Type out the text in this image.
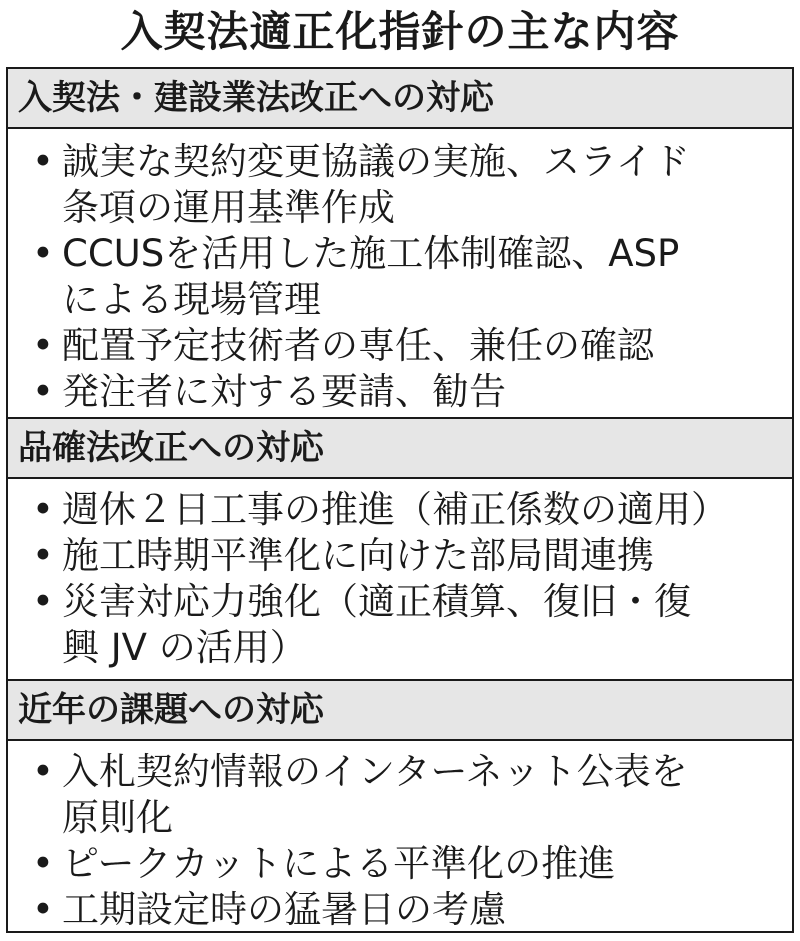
入契法適正化指針の主な内容
入契法・建設業法改正への対応
• 誠実な契約変更協議の実施、スライド
条項の運用基準作成
• CCUSを活用した施工体制確認、ASP
による現場管理
• 配置予定技術者の専任、兼任の確認
• 発注者に対する要請、勧告
品確法改正への対応
• 週休２日工事の推進（補正係数の適用）
• 施工時期平準化に向けた部局間連携
• 災害対応力強化（適正積算、復旧・復
興 JV の活用）
近年の課題への対応
• 入札契約情報のインターネット公表を
原則化
• ピークカットによる平準化の推進
• 工期設定時の猛暑日の考慮
